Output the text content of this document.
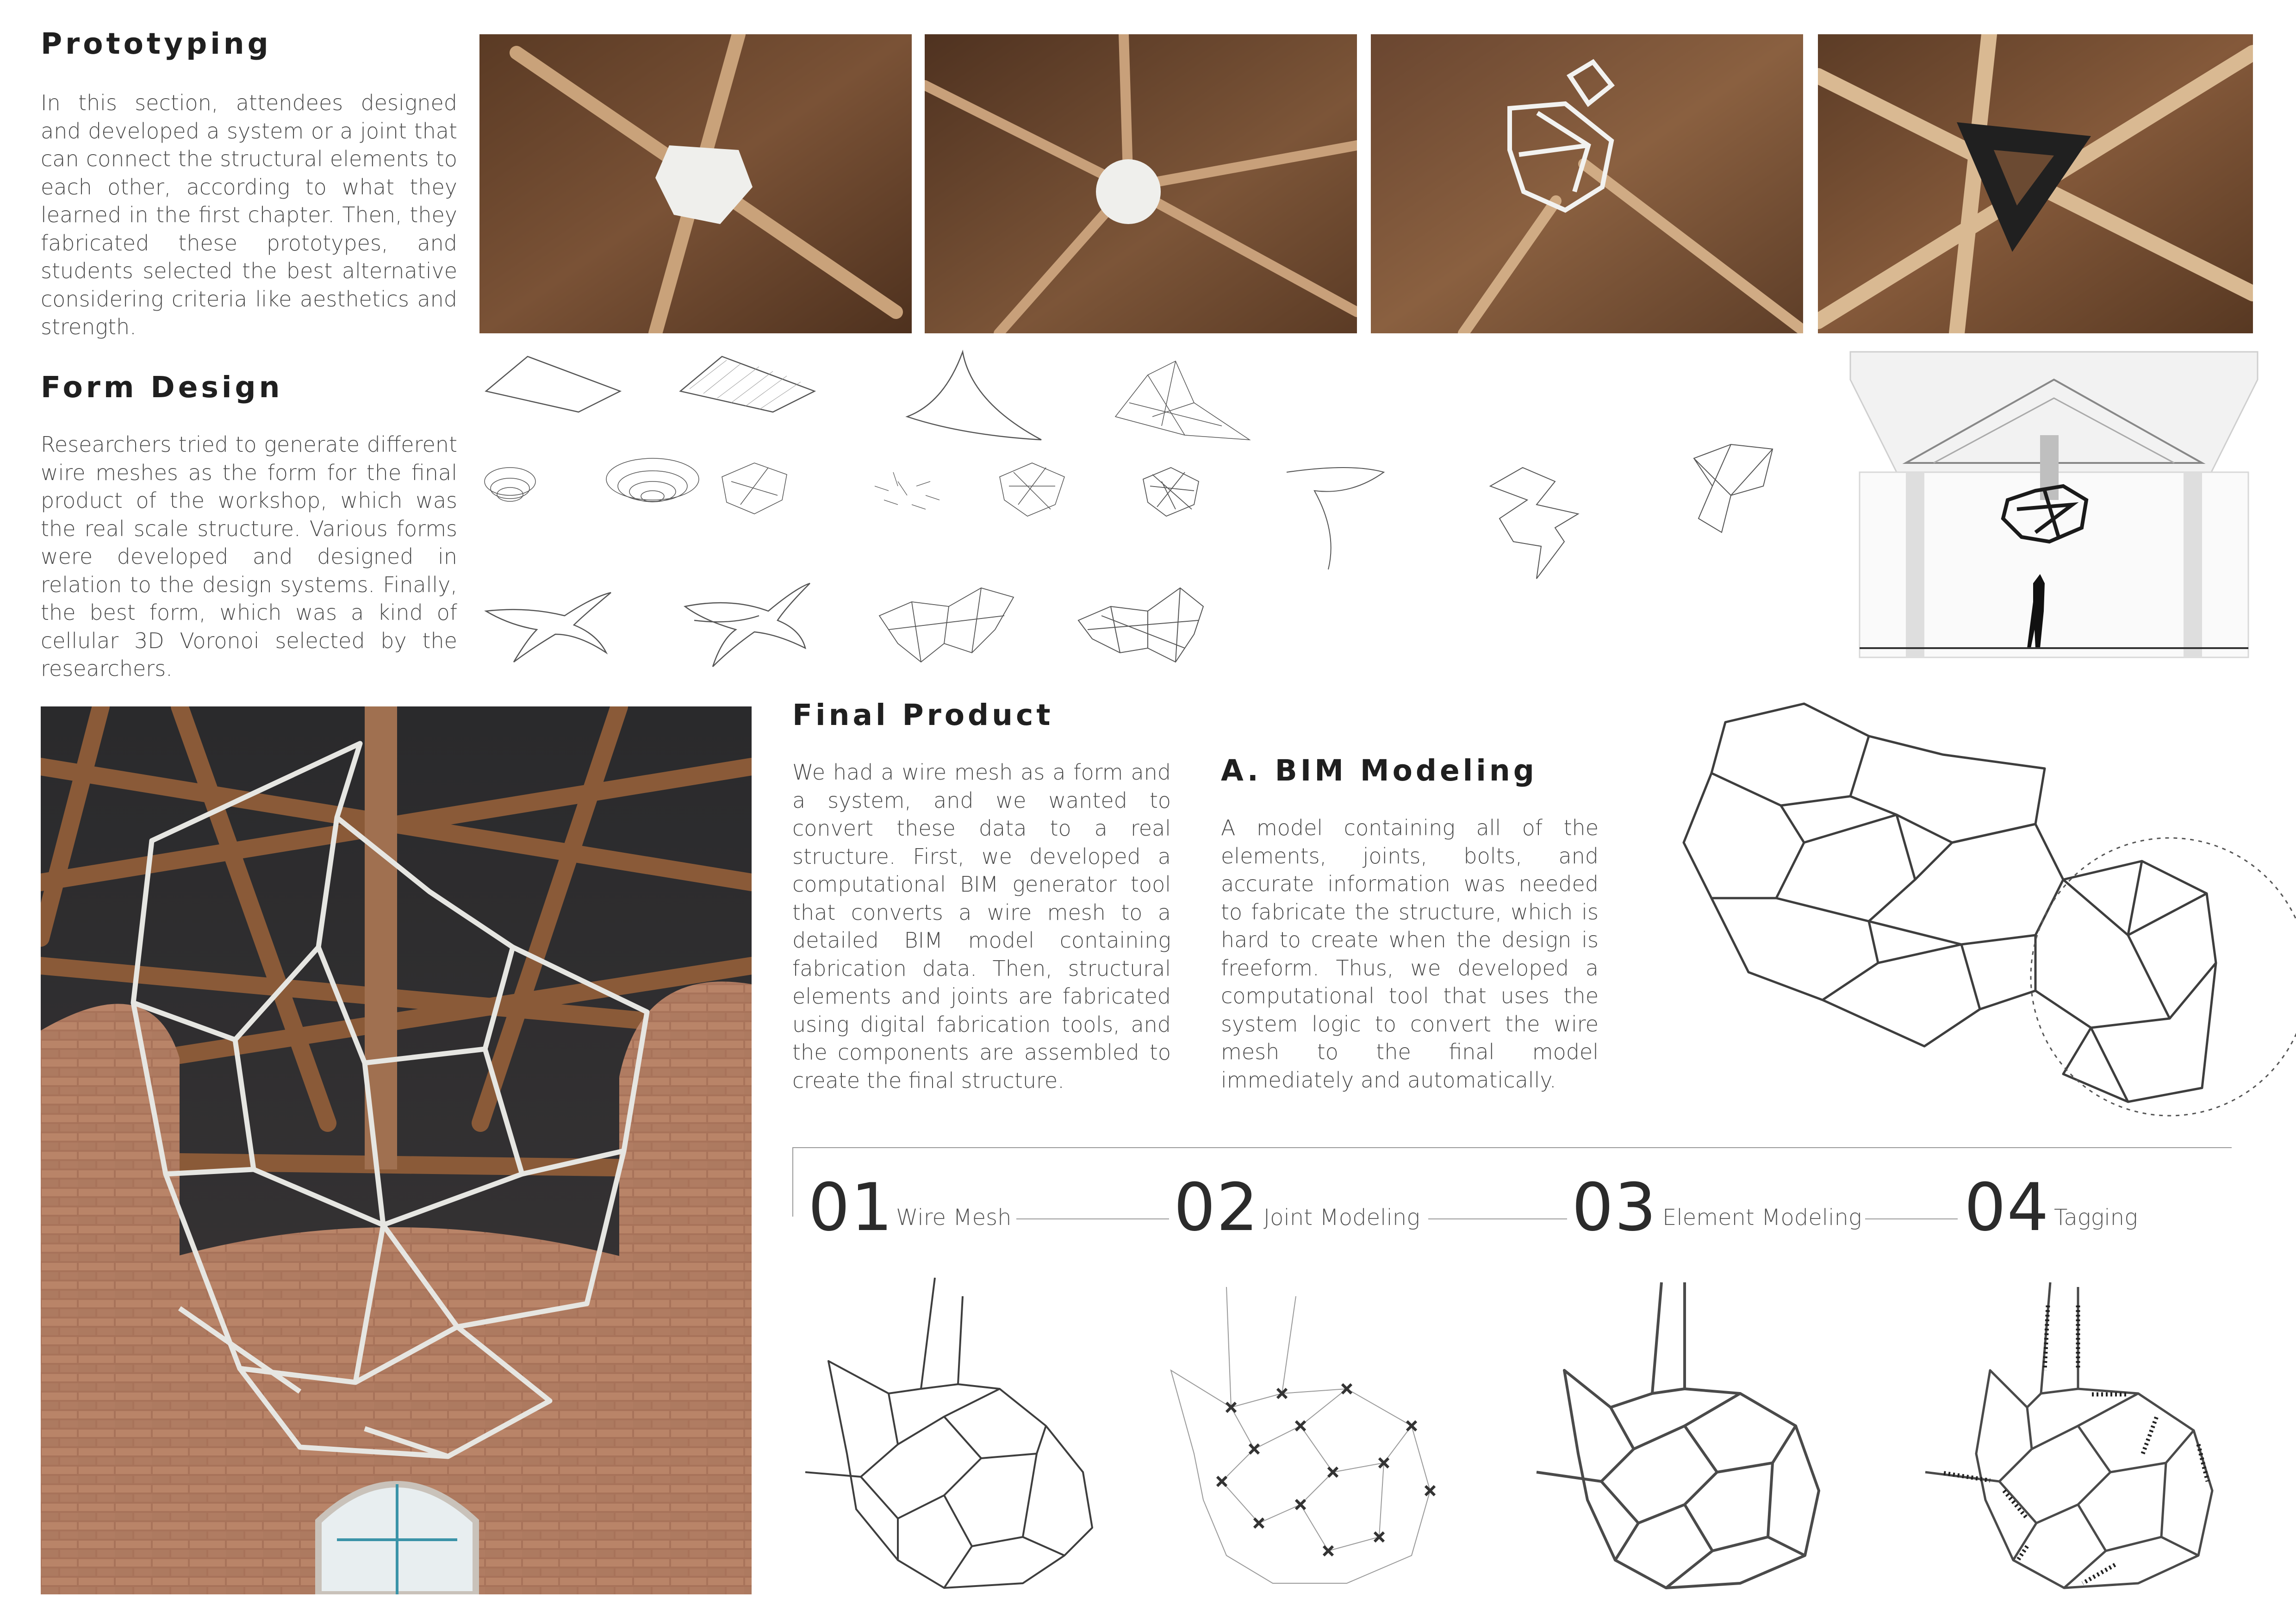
Prototyping

In this section, attendees designed and developed a system or a joint that can connect the structural elements to each other, according to what they learned in the first chapter. Then, they fabricated these prototypes, and students selected the best alternative considering criteria like aesthetics and strength.

Form Design

Researchers tried to generate different wire meshes as the form for the final product of the workshop, which was the real scale structure. Various forms were developed and designed in relation to the design systems. Finally, the best form, which was a kind of cellular 3D Voronoi selected by the researchers.

Final Product

We had a wire mesh as a form and a system, and we wanted to convert these data to a real structure. First, we developed a computational BIM generator tool that converts a wire mesh to a detailed BIM model containing fabrication data. Then, structural elements and joints are fabricated using digital fabrication tools, and the components are assembled to create the final structure.

A. BIM Modeling

A model containing all of the elements, joints, bolts, and accurate information was needed to fabricate the structure, which is hard to create when the design is freeform. Thus, we developed a computational tool that uses the system logic to convert the wire mesh to the final model immediately and automatically.

01 Wire Mesh 02 Joint Modeling 03 Element Modeling 04 Tagging
